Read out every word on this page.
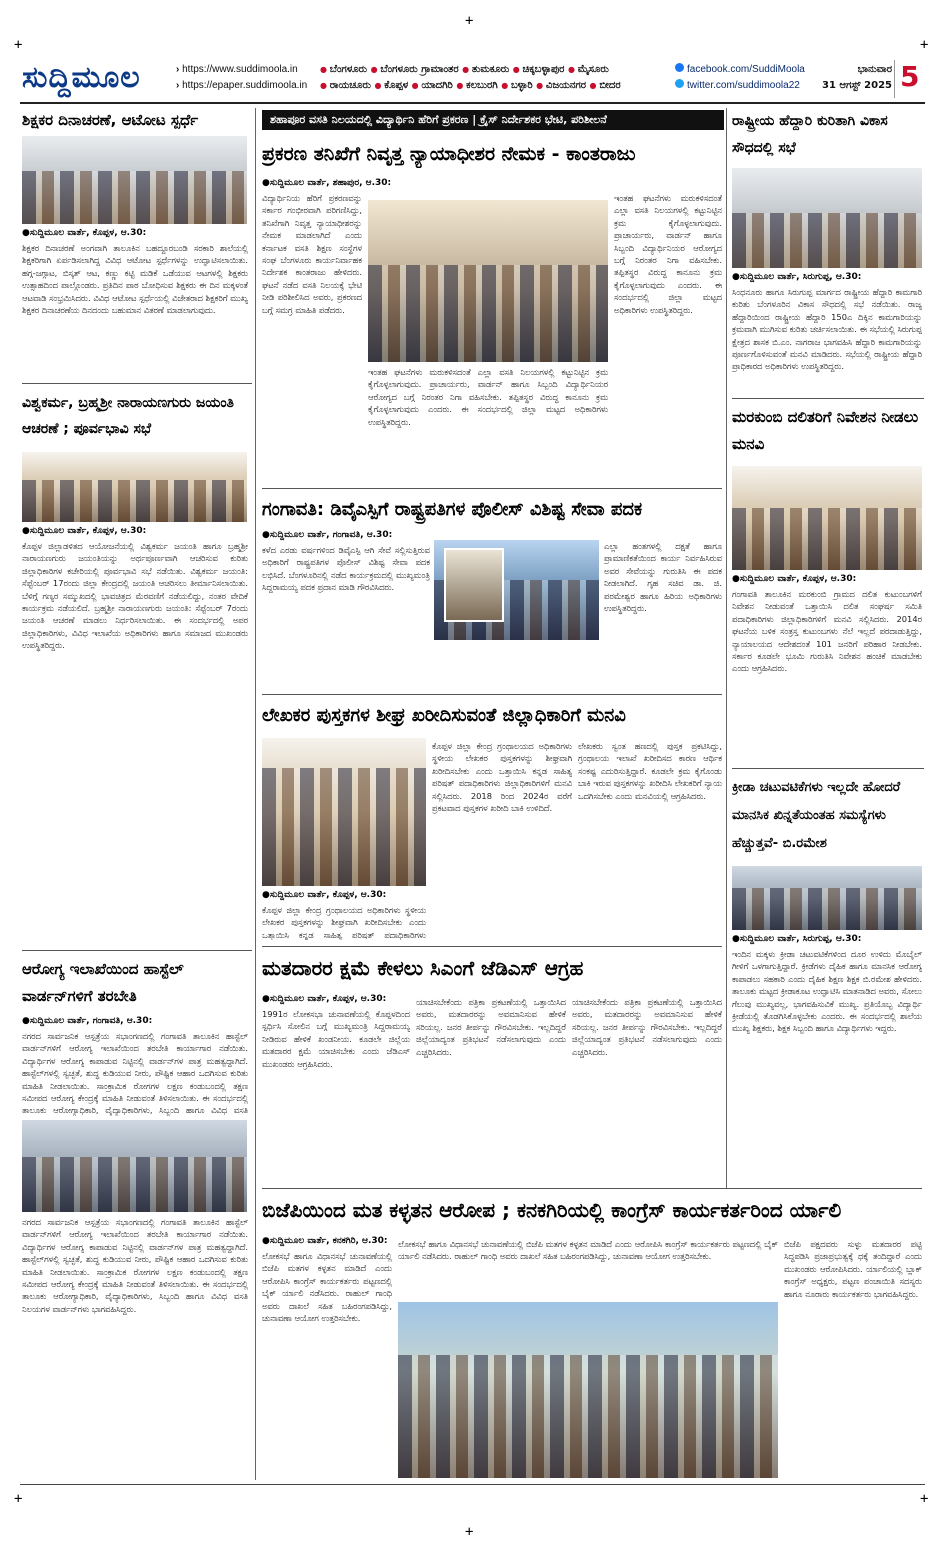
+
+
+
+
+
+
ಸುದ್ದಿಮೂಲ	› https://www.suddimoola.in
› https://epaper.suddimoola.in
● ಬೆಂಗಳೂರು ● ಬೆಂಗಳೂರು ಗ್ರಾಮಾಂತರ ● ತುಮಕೂರು ● ಚಿಕ್ಕಬಳ್ಳಾಪುರ ● ಮೈಸೂರು
● ರಾಯಚೂರು ● ಕೊಪ್ಪಳ ● ಯಾದಗಿರಿ ● ಕಲಬುರಗಿ ● ಬಳ್ಳಾರಿ ● ವಿಜಯನಗರ ● ಬೀದರ
facebook.com/SuddiMoola
twitter.com/suddimoola22
ಭಾನುವಾರ
31 ಆಗಸ್ಟ್ 2025 5
ಶಿಕ್ಷಕರ ದಿನಾಚರಣೆ, ಆಟೋಟ ಸ್ಪರ್ಧೆ
●ಸುದ್ದಿಮೂಲ ವಾರ್ತೆ, ಕೊಪ್ಪಳ, ಆ.30:
ಶಿಕ್ಷಕರ ದಿನಾಚರಣೆ ಅಂಗವಾಗಿ ತಾಲೂಕಿನ ಬಹದ್ದೂರಬಂಡಿ ಸರಕಾರಿ ಶಾಲೆಯಲ್ಲಿ ಶಿಕ್ಷಕರಿಗಾಗಿ ಏರ್ಪಡಿಸಲಾಗಿದ್ದ ವಿವಿಧ ಆಟೋಟ ಸ್ಪರ್ಧೆಗಳನ್ನು ಉದ್ಘಾಟಿಸಲಾಯಿತು. ಹಗ್ಗ-ಜಗ್ಗಾಟ, ಬಿಸ್ಕತ್ ಆಟ, ಕಣ್ಣು ಕಟ್ಟಿ ಮಡಿಕೆ ಒಡೆಯುವ ಆಟಗಳಲ್ಲಿ ಶಿಕ್ಷಕರು ಉತ್ಸಾಹದಿಂದ ಪಾಲ್ಗೊಂಡರು. ಪ್ರತಿದಿನ ಪಾಠ ಬೋಧಿಸುವ ಶಿಕ್ಷಕರು ಈ ದಿನ ಮಕ್ಕಳಂತೆ ಆಟವಾಡಿ ಸಂಭ್ರಮಿಸಿದರು. ವಿವಿಧ ಆಟೋಟ ಸ್ಪರ್ಧೆಯಲ್ಲಿ ವಿಜೇತರಾದ ಶಿಕ್ಷಕರಿಗೆ ಮುಖ್ಯ ಶಿಕ್ಷಕರ ದಿನಾಚರಣೆಯ ದಿನದಂದು ಬಹುಮಾನ ವಿತರಣೆ ಮಾಡಲಾಗುವುದು.
ವಿಶ್ವಕರ್ಮ, ಬ್ರಹ್ಮಶ್ರೀ ನಾರಾಯಣಗುರು ಜಯಂತಿ ಆಚರಣೆ ; ಪೂರ್ವಭಾವಿ ಸಭೆ
●ಸುದ್ದಿಮೂಲ ವಾರ್ತೆ, ಕೊಪ್ಪಳ, ಆ.30:
ಕೊಪ್ಪಳ ಜಿಲ್ಲಾಡಳಿತದ ಆಯೋಜನೆಯಲ್ಲಿ ವಿಶ್ವಕರ್ಮ ಜಯಂತಿ ಹಾಗೂ ಬ್ರಹ್ಮಶ್ರೀ ನಾರಾಯಣಗುರು ಜಯಂತಿಯನ್ನು ಅರ್ಥಪೂರ್ಣವಾಗಿ ಆಚರಿಸುವ ಕುರಿತು ಜಿಲ್ಲಾಧಿಕಾರಿಗಳ ಕಚೇರಿಯಲ್ಲಿ ಪೂರ್ವಭಾವಿ ಸಭೆ ನಡೆಯಿತು. ವಿಶ್ವಕರ್ಮ ಜಯಂತಿ: ಸೆಪ್ಟೆಂಬರ್ 17ರಂದು ಜಿಲ್ಲಾ ಕೇಂದ್ರದಲ್ಲಿ ಜಯಂತಿ ಆಚರಿಸಲು ತೀರ್ಮಾನಿಸಲಾಯಿತು. ಬೆಳಿಗ್ಗೆ ಗಣ್ಯರ ಸಮ್ಮುಖದಲ್ಲಿ ಭಾವಚಿತ್ರದ ಮೆರವಣಿಗೆ ನಡೆಯಲಿದ್ದು, ನಂತರ ವೇದಿಕೆ ಕಾರ್ಯಕ್ರಮ ನಡೆಯಲಿದೆ. ಬ್ರಹ್ಮಶ್ರೀ ನಾರಾಯಣಗುರು ಜಯಂತಿ: ಸೆಪ್ಟೆಂಬರ್ 7ರಂದು ಜಯಂತಿ ಆಚರಣೆ ಮಾಡಲು ನಿರ್ಧರಿಸಲಾಯಿತು. ಈ ಸಂದರ್ಭದಲ್ಲಿ ಅಪರ ಜಿಲ್ಲಾಧಿಕಾರಿಗಳು, ವಿವಿಧ ಇಲಾಖೆಯ ಅಧಿಕಾರಿಗಳು ಹಾಗೂ ಸಮಾಜದ ಮುಖಂಡರು ಉಪಸ್ಥಿತರಿದ್ದರು.
ಆರೋಗ್ಯ ಇಲಾಖೆಯಿಂದ ಹಾಸ್ಟೆಲ್ ವಾರ್ಡನ್‌ಗಳಿಗೆ ತರಬೇತಿ
●ಸುದ್ದಿಮೂಲ ವಾರ್ತೆ, ಗಂಗಾವತಿ, ಆ.30:
ನಗರದ ಸಾರ್ವಜನಿಕ ಆಸ್ಪತ್ರೆಯ ಸಭಾಂಗಣದಲ್ಲಿ ಗಂಗಾವತಿ ತಾಲೂಕಿನ ಹಾಸ್ಟೆಲ್ ವಾರ್ಡನ್‌ಗಳಿಗೆ ಆರೋಗ್ಯ ಇಲಾಖೆಯಿಂದ ತರಬೇತಿ ಕಾರ್ಯಾಗಾರ ನಡೆಯಿತು. ವಿದ್ಯಾರ್ಥಿಗಳ ಆರೋಗ್ಯ ಕಾಪಾಡುವ ನಿಟ್ಟಿನಲ್ಲಿ ವಾರ್ಡನ್‌ಗಳ ಪಾತ್ರ ಮಹತ್ವದ್ದಾಗಿದೆ. ಹಾಸ್ಟೆಲ್‌ಗಳಲ್ಲಿ ಸ್ವಚ್ಛತೆ, ಶುದ್ಧ ಕುಡಿಯುವ ನೀರು, ಪೌಷ್ಟಿಕ ಆಹಾರ ಒದಗಿಸುವ ಕುರಿತು ಮಾಹಿತಿ ನೀಡಲಾಯಿತು. ಸಾಂಕ್ರಾಮಿಕ ರೋಗಗಳ ಲಕ್ಷಣ ಕಂಡುಬಂದಲ್ಲಿ ತಕ್ಷಣ ಸಮೀಪದ ಆರೋಗ್ಯ ಕೇಂದ್ರಕ್ಕೆ ಮಾಹಿತಿ ನೀಡುವಂತೆ ತಿಳಿಸಲಾಯಿತು. ಈ ಸಂದರ್ಭದಲ್ಲಿ ತಾಲೂಕು ಆರೋಗ್ಯಾಧಿಕಾರಿ, ವೈದ್ಯಾಧಿಕಾರಿಗಳು, ಸಿಬ್ಬಂದಿ ಹಾಗೂ ವಿವಿಧ ವಸತಿ
ನಗರದ ಸಾರ್ವಜನಿಕ ಆಸ್ಪತ್ರೆಯ ಸಭಾಂಗಣದಲ್ಲಿ ಗಂಗಾವತಿ ತಾಲೂಕಿನ ಹಾಸ್ಟೆಲ್ ವಾರ್ಡನ್‌ಗಳಿಗೆ ಆರೋಗ್ಯ ಇಲಾಖೆಯಿಂದ ತರಬೇತಿ ಕಾರ್ಯಾಗಾರ ನಡೆಯಿತು. ವಿದ್ಯಾರ್ಥಿಗಳ ಆರೋಗ್ಯ ಕಾಪಾಡುವ ನಿಟ್ಟಿನಲ್ಲಿ ವಾರ್ಡನ್‌ಗಳ ಪಾತ್ರ ಮಹತ್ವದ್ದಾಗಿದೆ. ಹಾಸ್ಟೆಲ್‌ಗಳಲ್ಲಿ ಸ್ವಚ್ಛತೆ, ಶುದ್ಧ ಕುಡಿಯುವ ನೀರು, ಪೌಷ್ಟಿಕ ಆಹಾರ ಒದಗಿಸುವ ಕುರಿತು ಮಾಹಿತಿ ನೀಡಲಾಯಿತು. ಸಾಂಕ್ರಾಮಿಕ ರೋಗಗಳ ಲಕ್ಷಣ ಕಂಡುಬಂದಲ್ಲಿ ತಕ್ಷಣ ಸಮೀಪದ ಆರೋಗ್ಯ ಕೇಂದ್ರಕ್ಕೆ ಮಾಹಿತಿ ನೀಡುವಂತೆ ತಿಳಿಸಲಾಯಿತು. ಈ ಸಂದರ್ಭದಲ್ಲಿ ತಾಲೂಕು ಆರೋಗ್ಯಾಧಿಕಾರಿ, ವೈದ್ಯಾಧಿಕಾರಿಗಳು, ಸಿಬ್ಬಂದಿ ಹಾಗೂ ವಿವಿಧ ವಸತಿ ನಿಲಯಗಳ ವಾರ್ಡನ್‌ಗಳು ಭಾಗವಹಿಸಿದ್ದರು.
ಶಹಾಪೂರ ವಸತಿ ನಿಲಯದಲ್ಲಿ ವಿದ್ಯಾರ್ಥಿನಿ ಹೆರಿಗೆ ಪ್ರಕರಣ | ಕ್ರೈಸ್ ನಿರ್ದೇಶಕರ ಭೇಟಿ, ಪರಿಶೀಲನೆ
ಪ್ರಕರಣ ತನಿಖೆಗೆ ನಿವೃತ್ತ ನ್ಯಾಯಾಧೀಶರ ನೇಮಕ - ಕಾಂತರಾಜು
●ಸುದ್ದಿಮೂಲ ವಾರ್ತೆ, ಶಹಾಪುರ, ಆ.30:
ವಿದ್ಯಾರ್ಥಿನಿಯ ಹೆರಿಗೆ ಪ್ರಕರಣವನ್ನು ಸರ್ಕಾರ ಗಂಭೀರವಾಗಿ ಪರಿಗಣಿಸಿದ್ದು, ತನಿಖೆಗಾಗಿ ನಿವೃತ್ತ ನ್ಯಾಯಾಧೀಶರನ್ನು ನೇಮಕ ಮಾಡಲಾಗಿದೆ ಎಂದು ಕರ್ನಾಟಕ ವಸತಿ ಶಿಕ್ಷಣ ಸಂಸ್ಥೆಗಳ ಸಂಘ ಬೆಂಗಳೂರು ಕಾರ್ಯನಿರ್ವಾಹಕ ನಿರ್ದೇಶಕ ಕಾಂತರಾಜು ಹೇಳಿದರು. ಘಟನೆ ನಡೆದ ವಸತಿ ನಿಲಯಕ್ಕೆ ಭೇಟಿ ನೀಡಿ ಪರಿಶೀಲಿಸಿದ ಅವರು, ಪ್ರಕರಣದ ಬಗ್ಗೆ ಸಮಗ್ರ ಮಾಹಿತಿ ಪಡೆದರು.
ಇಂತಹ ಘಟನೆಗಳು ಮರುಕಳಿಸದಂತೆ ಎಲ್ಲಾ ವಸತಿ ನಿಲಯಗಳಲ್ಲಿ ಕಟ್ಟುನಿಟ್ಟಿನ ಕ್ರಮ ಕೈಗೊಳ್ಳಲಾಗುವುದು. ಪ್ರಾಚಾರ್ಯರು, ವಾರ್ಡನ್ ಹಾಗೂ ಸಿಬ್ಬಂದಿ ವಿದ್ಯಾರ್ಥಿನಿಯರ ಆರೋಗ್ಯದ ಬಗ್ಗೆ ನಿರಂತರ ನಿಗಾ ವಹಿಸಬೇಕು. ತಪ್ಪಿತಸ್ಥರ ವಿರುದ್ಧ ಕಾನೂನು ಕ್ರಮ ಕೈಗೊಳ್ಳಲಾಗುವುದು ಎಂದರು. ಈ ಸಂದರ್ಭದಲ್ಲಿ ಜಿಲ್ಲಾ ಮಟ್ಟದ ಅಧಿಕಾರಿಗಳು ಉಪಸ್ಥಿತರಿದ್ದರು.
ಇಂತಹ ಘಟನೆಗಳು ಮರುಕಳಿಸದಂತೆ ಎಲ್ಲಾ ವಸತಿ ನಿಲಯಗಳಲ್ಲಿ ಕಟ್ಟುನಿಟ್ಟಿನ ಕ್ರಮ ಕೈಗೊಳ್ಳಲಾಗುವುದು. ಪ್ರಾಚಾರ್ಯರು, ವಾರ್ಡನ್ ಹಾಗೂ ಸಿಬ್ಬಂದಿ ವಿದ್ಯಾರ್ಥಿನಿಯರ ಆರೋಗ್ಯದ ಬಗ್ಗೆ ನಿರಂತರ ನಿಗಾ ವಹಿಸಬೇಕು. ತಪ್ಪಿತಸ್ಥರ ವಿರುದ್ಧ ಕಾನೂನು ಕ್ರಮ ಕೈಗೊಳ್ಳಲಾಗುವುದು ಎಂದರು. ಈ ಸಂದರ್ಭದಲ್ಲಿ ಜಿಲ್ಲಾ ಮಟ್ಟದ ಅಧಿಕಾರಿಗಳು ಉಪಸ್ಥಿತರಿದ್ದರು.
ಗಂಗಾವತಿ: ಡಿವೈಎಸ್ಪಿಗೆ ರಾಷ್ಟ್ರಪತಿಗಳ ಪೊಲೀಸ್ ವಿಶಿಷ್ಟ ಸೇವಾ ಪದಕ
●ಸುದ್ದಿಮೂಲ ವಾರ್ತೆ, ಗಂಗಾವತಿ, ಆ.30:
ಕಳೆದ ಎರಡು ವರ್ಷಗಳಿಂದ ಡಿವೈಎಸ್ಪಿ ಆಗಿ ಸೇವೆ ಸಲ್ಲಿಸುತ್ತಿರುವ ಅಧಿಕಾರಿಗೆ ರಾಷ್ಟ್ರಪತಿಗಳ ಪೊಲೀಸ್ ವಿಶಿಷ್ಟ ಸೇವಾ ಪದಕ ಲಭಿಸಿದೆ. ಬೆಂಗಳೂರಿನಲ್ಲಿ ನಡೆದ ಕಾರ್ಯಕ್ರಮದಲ್ಲಿ ಮುಖ್ಯಮಂತ್ರಿ ಸಿದ್ದರಾಮಯ್ಯ ಪದಕ ಪ್ರದಾನ ಮಾಡಿ ಗೌರವಿಸಿದರು.
ಎಲ್ಲಾ ಹಂತಗಳಲ್ಲಿ ದಕ್ಷತೆ ಹಾಗೂ ಪ್ರಾಮಾಣಿಕತೆಯಿಂದ ಕಾರ್ಯ ನಿರ್ವಹಿಸಿರುವ ಅವರ ಸೇವೆಯನ್ನು ಗುರುತಿಸಿ ಈ ಪದಕ ನೀಡಲಾಗಿದೆ. ಗೃಹ ಸಚಿವ ಡಾ. ಜಿ. ಪರಮೇಶ್ವರ ಹಾಗೂ ಹಿರಿಯ ಅಧಿಕಾರಿಗಳು ಉಪಸ್ಥಿತರಿದ್ದರು.
ಲೇಖಕರ ಪುಸ್ತಕಗಳ ಶೀಘ್ರ ಖರೀದಿಸುವಂತೆ ಜಿಲ್ಲಾಧಿಕಾರಿಗೆ ಮನವಿ
●ಸುದ್ದಿಮೂಲ ವಾರ್ತೆ, ಕೊಪ್ಪಳ, ಆ.30:
ಕೊಪ್ಪಳ ಜಿಲ್ಲಾ ಕೇಂದ್ರ ಗ್ರಂಥಾಲಯದ ಅಧಿಕಾರಿಗಳು ಸ್ಥಳೀಯ ಲೇಖಕರ ಪುಸ್ತಕಗಳನ್ನು ಶೀಘ್ರವಾಗಿ ಖರೀದಿಸಬೇಕು ಎಂದು ಒತ್ತಾಯಿಸಿ ಕನ್ನಡ ಸಾಹಿತ್ಯ ಪರಿಷತ್ ಪದಾಧಿಕಾರಿಗಳು
ಕೊಪ್ಪಳ ಜಿಲ್ಲಾ ಕೇಂದ್ರ ಗ್ರಂಥಾಲಯದ ಅಧಿಕಾರಿಗಳು ಸ್ಥಳೀಯ ಲೇಖಕರ ಪುಸ್ತಕಗಳನ್ನು ಶೀಘ್ರವಾಗಿ ಖರೀದಿಸಬೇಕು ಎಂದು ಒತ್ತಾಯಿಸಿ ಕನ್ನಡ ಸಾಹಿತ್ಯ ಪರಿಷತ್ ಪದಾಧಿಕಾರಿಗಳು ಜಿಲ್ಲಾಧಿಕಾರಿಗಳಿಗೆ ಮನವಿ ಸಲ್ಲಿಸಿದರು. 2018 ರಿಂದ 2024ರ ವರೆಗೆ ಪ್ರಕಟವಾದ ಪುಸ್ತಕಗಳ ಖರೀದಿ ಬಾಕಿ ಉಳಿದಿದೆ.
ಲೇಖಕರು ಸ್ವಂತ ಹಣದಲ್ಲಿ ಪುಸ್ತಕ ಪ್ರಕಟಿಸಿದ್ದು, ಗ್ರಂಥಾಲಯ ಇಲಾಖೆ ಖರೀದಿಸದ ಕಾರಣ ಆರ್ಥಿಕ ಸಂಕಷ್ಟ ಎದುರಿಸುತ್ತಿದ್ದಾರೆ. ಕೂಡಲೇ ಕ್ರಮ ಕೈಗೊಂಡು ಬಾಕಿ ಇರುವ ಪುಸ್ತಕಗಳನ್ನು ಖರೀದಿಸಿ ಲೇಖಕರಿಗೆ ನ್ಯಾಯ ಒದಗಿಸಬೇಕು ಎಂದು ಮನವಿಯಲ್ಲಿ ಆಗ್ರಹಿಸಿದರು.
ಮತದಾರರ ಕ್ಷಮೆ ಕೇಳಲು ಸಿಎಂಗೆ ಜೆಡಿಎಸ್ ಆಗ್ರಹ
●ಸುದ್ದಿಮೂಲ ವಾರ್ತೆ, ಕೊಪ್ಪಳ, ಆ.30:
1991ರ ಲೋಕಸಭಾ ಚುನಾವಣೆಯಲ್ಲಿ ಕೊಪ್ಪಳದಿಂದ ಸ್ಪರ್ಧಿಸಿ ಸೋಲಿನ ಬಗ್ಗೆ ಮುಖ್ಯಮಂತ್ರಿ ಸಿದ್ದರಾಮಯ್ಯ ನೀಡಿರುವ ಹೇಳಿಕೆ ಖಂಡನೀಯ. ಕೂಡಲೇ ಜಿಲ್ಲೆಯ ಮತದಾರರ ಕ್ಷಮೆ ಯಾಚಿಸಬೇಕು ಎಂದು ಜೆಡಿಎಸ್ ಮುಖಂಡರು ಆಗ್ರಹಿಸಿದರು.
ಯಾಚಿಸಬೇಕೆಂದು ಪತ್ರಿಕಾ ಪ್ರಕಟಣೆಯಲ್ಲಿ ಒತ್ತಾಯಿಸಿದ ಅವರು, ಮತದಾರರನ್ನು ಅವಮಾನಿಸುವ ಹೇಳಿಕೆ ಸರಿಯಲ್ಲ. ಜನರ ತೀರ್ಪನ್ನು ಗೌರವಿಸಬೇಕು. ಇಲ್ಲದಿದ್ದರೆ ಜಿಲ್ಲೆಯಾದ್ಯಂತ ಪ್ರತಿಭಟನೆ ನಡೆಸಲಾಗುವುದು ಎಂದು ಎಚ್ಚರಿಸಿದರು.
ಯಾಚಿಸಬೇಕೆಂದು ಪತ್ರಿಕಾ ಪ್ರಕಟಣೆಯಲ್ಲಿ ಒತ್ತಾಯಿಸಿದ ಅವರು, ಮತದಾರರನ್ನು ಅವಮಾನಿಸುವ ಹೇಳಿಕೆ ಸರಿಯಲ್ಲ. ಜನರ ತೀರ್ಪನ್ನು ಗೌರವಿಸಬೇಕು. ಇಲ್ಲದಿದ್ದರೆ ಜಿಲ್ಲೆಯಾದ್ಯಂತ ಪ್ರತಿಭಟನೆ ನಡೆಸಲಾಗುವುದು ಎಂದು ಎಚ್ಚರಿಸಿದರು.
ಬಿಜೆಪಿಯಿಂದ ಮತ ಕಳ್ಳತನ ಆರೋಪ ; ಕನಕಗಿರಿಯಲ್ಲಿ ಕಾಂಗ್ರೆಸ್ ಕಾರ್ಯಕರ್ತರಿಂದ ರ್ಯಾಲಿ
●ಸುದ್ದಿಮೂಲ ವಾರ್ತೆ, ಕನಕಗಿರಿ, ಆ.30:
ಲೋಕಸಭೆ ಹಾಗೂ ವಿಧಾನಸಭೆ ಚುನಾವಣೆಯಲ್ಲಿ ಬಿಜೆಪಿ ಮತಗಳ ಕಳ್ಳತನ ಮಾಡಿದೆ ಎಂದು ಆರೋಪಿಸಿ ಕಾಂಗ್ರೆಸ್ ಕಾರ್ಯಕರ್ತರು ಪಟ್ಟಣದಲ್ಲಿ ಬೈಕ್ ರ್ಯಾಲಿ ನಡೆಸಿದರು. ರಾಹುಲ್ ಗಾಂಧಿ ಅವರು ದಾಖಲೆ ಸಹಿತ ಬಹಿರಂಗಪಡಿಸಿದ್ದು, ಚುನಾವಣಾ ಆಯೋಗ ಉತ್ತರಿಸಬೇಕು.
ಲೋಕಸಭೆ ಹಾಗೂ ವಿಧಾನಸಭೆ ಚುನಾವಣೆಯಲ್ಲಿ ಬಿಜೆಪಿ ಮತಗಳ ಕಳ್ಳತನ ಮಾಡಿದೆ ಎಂದು ಆರೋಪಿಸಿ ಕಾಂಗ್ರೆಸ್ ಕಾರ್ಯಕರ್ತರು ಪಟ್ಟಣದಲ್ಲಿ ಬೈಕ್ ರ್ಯಾಲಿ ನಡೆಸಿದರು. ರಾಹುಲ್ ಗಾಂಧಿ ಅವರು ದಾಖಲೆ ಸಹಿತ ಬಹಿರಂಗಪಡಿಸಿದ್ದು, ಚುನಾವಣಾ ಆಯೋಗ ಉತ್ತರಿಸಬೇಕು.
ಬಿಜೆಪಿ ಪಕ್ಷದವರು ಸುಳ್ಳು ಮತದಾರರ ಪಟ್ಟಿ ಸಿದ್ಧಪಡಿಸಿ ಪ್ರಜಾಪ್ರಭುತ್ವಕ್ಕೆ ಧಕ್ಕೆ ತಂದಿದ್ದಾರೆ ಎಂದು ಮುಖಂಡರು ಆರೋಪಿಸಿದರು. ರ್ಯಾಲಿಯಲ್ಲಿ ಬ್ಲಾಕ್ ಕಾಂಗ್ರೆಸ್ ಅಧ್ಯಕ್ಷರು, ಪಟ್ಟಣ ಪಂಚಾಯಿತಿ ಸದಸ್ಯರು ಹಾಗೂ ನೂರಾರು ಕಾರ್ಯಕರ್ತರು ಭಾಗವಹಿಸಿದ್ದರು.
ರಾಷ್ಟ್ರೀಯ ಹೆದ್ದಾರಿ ಕುರಿತಾಗಿ ವಿಕಾಸ ಸೌಧದಲ್ಲಿ ಸಭೆ
●ಸುದ್ದಿಮೂಲ ವಾರ್ತೆ, ಸಿರುಗುಪ್ಪ, ಆ.30:
ಸಿಂಧನೂರು ಹಾಗೂ ಸಿರುಗುಪ್ಪ ಮಾರ್ಗದ ರಾಷ್ಟ್ರೀಯ ಹೆದ್ದಾರಿ ಕಾಮಗಾರಿ ಕುರಿತು ಬೆಂಗಳೂರಿನ ವಿಕಾಸ ಸೌಧದಲ್ಲಿ ಸಭೆ ನಡೆಯಿತು. ರಾಜ್ಯ ಹೆದ್ದಾರಿಯಿಂದ ರಾಷ್ಟ್ರೀಯ ಹೆದ್ದಾರಿ 150ಎ ದಿಕ್ಕಿನ ಕಾಮಗಾರಿಯನ್ನು ಕ್ರಮವಾಗಿ ಮುಗಿಸುವ ಕುರಿತು ಚರ್ಚಿಸಲಾಯಿತು. ಈ ಸಭೆಯಲ್ಲಿ ಸಿರುಗುಪ್ಪ ಕ್ಷೇತ್ರದ ಶಾಸಕ ಬಿ.ಎಂ. ನಾಗರಾಜ ಭಾಗವಹಿಸಿ ಹೆದ್ದಾರಿ ಕಾಮಗಾರಿಯನ್ನು ಪೂರ್ಣಗೊಳಿಸುವಂತೆ ಮನವಿ ಮಾಡಿದರು. ಸಭೆಯಲ್ಲಿ ರಾಷ್ಟ್ರೀಯ ಹೆದ್ದಾರಿ ಪ್ರಾಧಿಕಾರದ ಅಧಿಕಾರಿಗಳು ಉಪಸ್ಥಿತರಿದ್ದರು.
ಮರಕುಂಬಿ ದಲಿತರಿಗೆ ನಿವೇಶನ ನೀಡಲು ಮನವಿ
●ಸುದ್ದಿಮೂಲ ವಾರ್ತೆ, ಕೊಪ್ಪಳ, ಆ.30:
ಗಂಗಾವತಿ ತಾಲೂಕಿನ ಮರಕುಂಬಿ ಗ್ರಾಮದ ದಲಿತ ಕುಟುಂಬಗಳಿಗೆ ನಿವೇಶನ ನೀಡುವಂತೆ ಒತ್ತಾಯಿಸಿ ದಲಿತ ಸಂಘರ್ಷ ಸಮಿತಿ ಪದಾಧಿಕಾರಿಗಳು ಜಿಲ್ಲಾಧಿಕಾರಿಗಳಿಗೆ ಮನವಿ ಸಲ್ಲಿಸಿದರು. 2014ರ ಘಟನೆಯ ಬಳಿಕ ಸಂತ್ರಸ್ತ ಕುಟುಂಬಗಳು ನೆಲೆ ಇಲ್ಲದೆ ಪರದಾಡುತ್ತಿದ್ದು, ನ್ಯಾಯಾಲಯದ ಆದೇಶದಂತೆ 101 ಜನರಿಗೆ ಪರಿಹಾರ ನೀಡಬೇಕು. ಸರ್ಕಾರ ಕೂಡಲೇ ಭೂಮಿ ಗುರುತಿಸಿ ನಿವೇಶನ ಹಂಚಿಕೆ ಮಾಡಬೇಕು ಎಂದು ಆಗ್ರಹಿಸಿದರು.
ಕ್ರೀಡಾ ಚಟುವಟಿಕೆಗಳು ಇಲ್ಲದೇ ಹೋದರೆ ಮಾನಸಿಕ ಖಿನ್ನತೆಯಂತಹ ಸಮಸ್ಯೆಗಳು ಹೆಚ್ಚುತ್ತವೆ- ಬಿ.ರಮೇಶ
●ಸುದ್ದಿಮೂಲ ವಾರ್ತೆ, ಸಿರುಗುಪ್ಪ, ಆ.30:
ಇಂದಿನ ಮಕ್ಕಳು ಕ್ರೀಡಾ ಚಟುವಟಿಕೆಗಳಿಂದ ದೂರ ಉಳಿದು ಮೊಬೈಲ್ ಗೀಳಿಗೆ ಒಳಗಾಗುತ್ತಿದ್ದಾರೆ. ಕ್ರೀಡೆಗಳು ದೈಹಿಕ ಹಾಗೂ ಮಾನಸಿಕ ಆರೋಗ್ಯ ಕಾಪಾಡಲು ಸಹಕಾರಿ ಎಂದು ದೈಹಿಕ ಶಿಕ್ಷಣ ಶಿಕ್ಷಕ ಬಿ.ರಮೇಶ ಹೇಳಿದರು. ತಾಲೂಕು ಮಟ್ಟದ ಕ್ರೀಡಾಕೂಟ ಉದ್ಘಾಟಿಸಿ ಮಾತನಾಡಿದ ಅವರು, ಸೋಲು ಗೆಲುವು ಮುಖ್ಯವಲ್ಲ, ಭಾಗವಹಿಸುವಿಕೆ ಮುಖ್ಯ. ಪ್ರತಿಯೊಬ್ಬ ವಿದ್ಯಾರ್ಥಿ ಕ್ರೀಡೆಯಲ್ಲಿ ತೊಡಗಿಸಿಕೊಳ್ಳಬೇಕು ಎಂದರು. ಈ ಸಂದರ್ಭದಲ್ಲಿ ಶಾಲೆಯ ಮುಖ್ಯ ಶಿಕ್ಷಕರು, ಶಿಕ್ಷಕ ಸಿಬ್ಬಂದಿ ಹಾಗೂ ವಿದ್ಯಾರ್ಥಿಗಳು ಇದ್ದರು.
